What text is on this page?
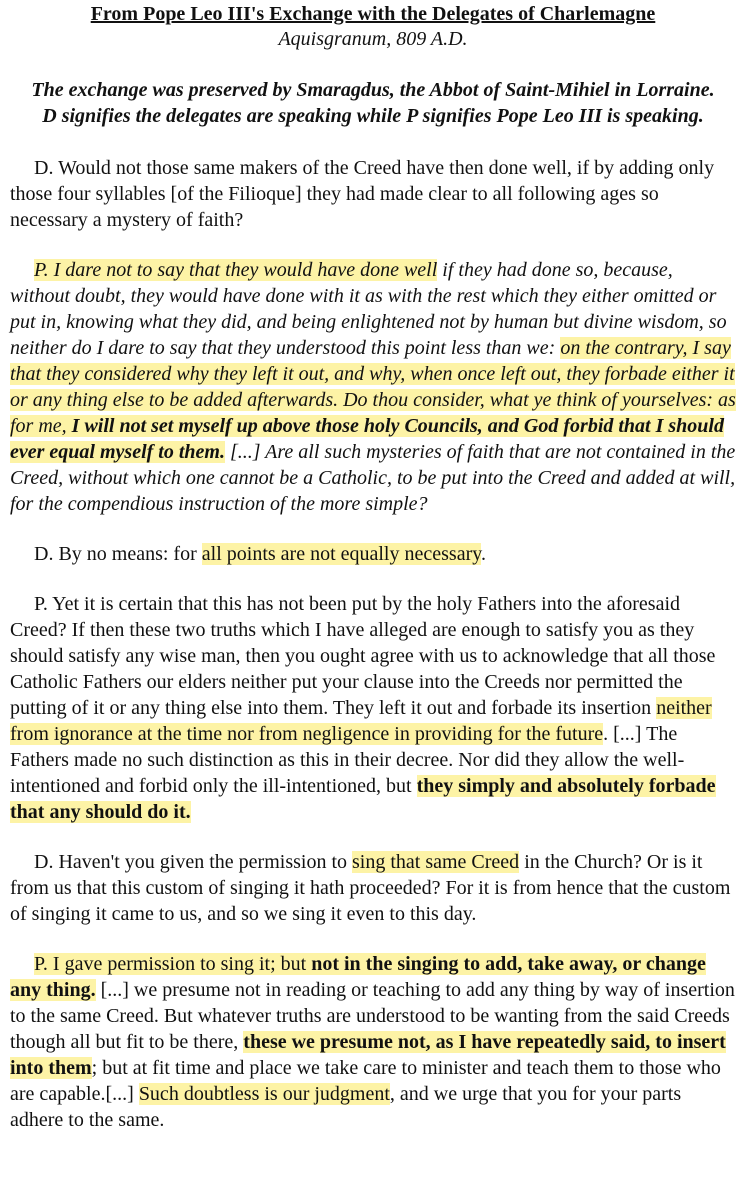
From Pope Leo III's Exchange with the Delegates of Charlemagne
Aquisgranum, 809 A.D.
The exchange was preserved by Smaragdus, the Abbot of Saint-Mihiel in Lorraine.
D signifies the delegates are speaking while P signifies Pope Leo III is speaking.

D. Would not those same makers of the Creed have then done well, if by adding only those four syllables [of the Filioque] they had made clear to all following ages so necessary a mystery of faith?

P. I dare not to say that they would have done well if they had done so, because, without doubt, they would have done with it as with the rest which they either omitted or put in, knowing what they did, and being enlightened not by human but divine wisdom, so neither do I dare to say that they understood this point less than we: on the contrary, I say that they considered why they left it out, and why, when once left out, they forbade either it or any thing else to be added afterwards. Do thou consider, what ye think of yourselves: as for me, I will not set myself up above those holy Councils, and God forbid that I should ever equal myself to them. [...] Are all such mysteries of faith that are not contained in the Creed, without which one cannot be a Catholic, to be put into the Creed and added at will, for the compendious instruction of the more simple?

D. By no means: for all points are not equally necessary.

P. Yet it is certain that this has not been put by the holy Fathers into the aforesaid Creed? If then these two truths which I have alleged are enough to satisfy you as they should satisfy any wise man, then you ought agree with us to acknowledge that all those Catholic Fathers our elders neither put your clause into the Creeds nor permitted the putting of it or any thing else into them. They left it out and forbade its insertion neither from ignorance at the time nor from negligence in providing for the future. [...] The Fathers made no such distinction as this in their decree. Nor did they allow the well-intentioned and forbid only the ill-intentioned, but they simply and absolutely forbade that any should do it.

D. Haven't you given the permission to sing that same Creed in the Church? Or is it from us that this custom of singing it hath proceeded? For it is from hence that the custom of singing it came to us, and so we sing it even to this day.

P. I gave permission to sing it; but not in the singing to add, take away, or change any thing. [...] we presume not in reading or teaching to add any thing by way of insertion to the same Creed. But whatever truths are understood to be wanting from the said Creeds though all but fit to be there, these we presume not, as I have repeatedly said, to insert into them; but at fit time and place we take care to minister and teach them to those who are capable.[...] Such doubtless is our judgment, and we urge that you for your parts adhere to the same.
